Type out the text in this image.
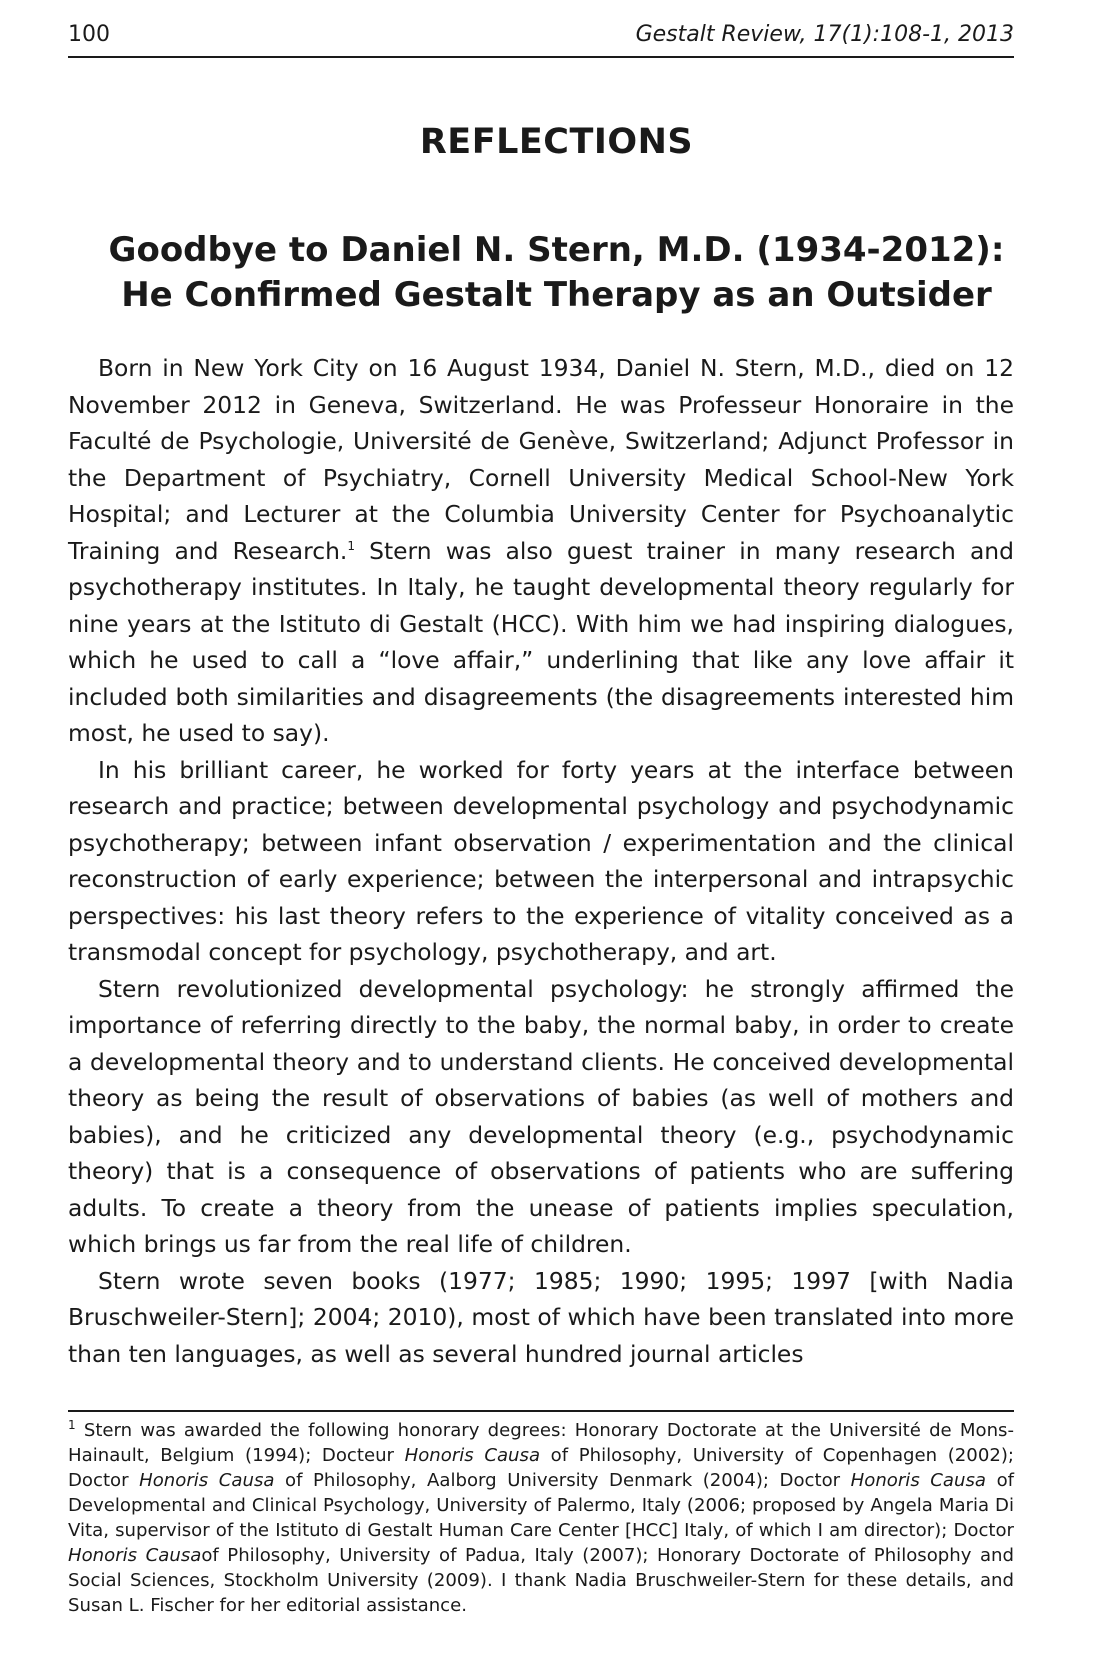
100	Gestalt Review, 17(1):108-1, 2013
REFLECTIONS
Goodbye to Daniel N. Stern, M.D. (1934-2012):
He Confirmed Gestalt Therapy as an Outsider

Born in New York City on 16 August 1934, Daniel N. Stern, M.D., died on 12 November 2012 in Geneva, Switzerland. He was Professeur Honoraire in the Faculté de Psychologie, Université de Genève, Switzerland; Adjunct Professor in the Department of Psychiatry, Cornell University Medical School-New York Hospital; and Lecturer at the Columbia University Center for Psychoanalytic Training and Research.$^1$ Stern was also guest trainer in many research and psychotherapy institutes. In Italy, he taught developmental theory regularly for nine years at the Istituto di Gestalt (HCC). With him we had inspiring dialogues, which he used to call a “love affair,” underlining that like any love affair it included both similarities and disagreements (the disagreements interested him most, he used to say).

In his brilliant career, he worked for forty years at the interface between research and practice; between developmental psychology and psychodynamic psychotherapy; between infant observation / experimentation and the clinical reconstruction of early experience; between the interpersonal and intrapsychic perspectives: his last theory refers to the experience of vitality conceived as a transmodal concept for psychology, psychotherapy, and art.

Stern revolutionized developmental psychology: he strongly affirmed the importance of referring directly to the baby, the normal baby, in order to create a developmental theory and to understand clients. He conceived developmental theory as being the result of observations of babies (as well of mothers and babies), and he criticized any developmental theory (e.g., psychodynamic theory) that is a consequence of observations of patients who are suffering adults. To create a theory from the unease of patients implies speculation, which brings us far from the real life of children.

Stern wrote seven books (1977; 1985; 1990; 1995; 1997 [with Nadia Bruschweiler-Stern]; 2004; 2010), most of which have been translated into more than ten languages, as well as several hundred journal articles

$^1$ Stern was awarded the following honorary degrees: Honorary Doctorate at the Université de Mons-Hainault, Belgium (1994); Docteur Honoris Causa of Philosophy, University of Copenhagen (2002); Doctor Honoris Causa of Philosophy, Aalborg University Denmark (2004); Doctor Honoris Causa of Developmental and Clinical Psychology, University of Palermo, Italy (2006; proposed by Angela Maria Di Vita, supervisor of the Istituto di Gestalt Human Care Center [HCC] Italy, of which I am director); Doctor Honoris Causaof Philosophy, University of Padua, Italy (2007); Honorary Doctorate of Philosophy and Social Sciences, Stockholm University (2009). I thank Nadia Bruschweiler-Stern for these details, and Susan L. Fischer for her editorial assistance.
